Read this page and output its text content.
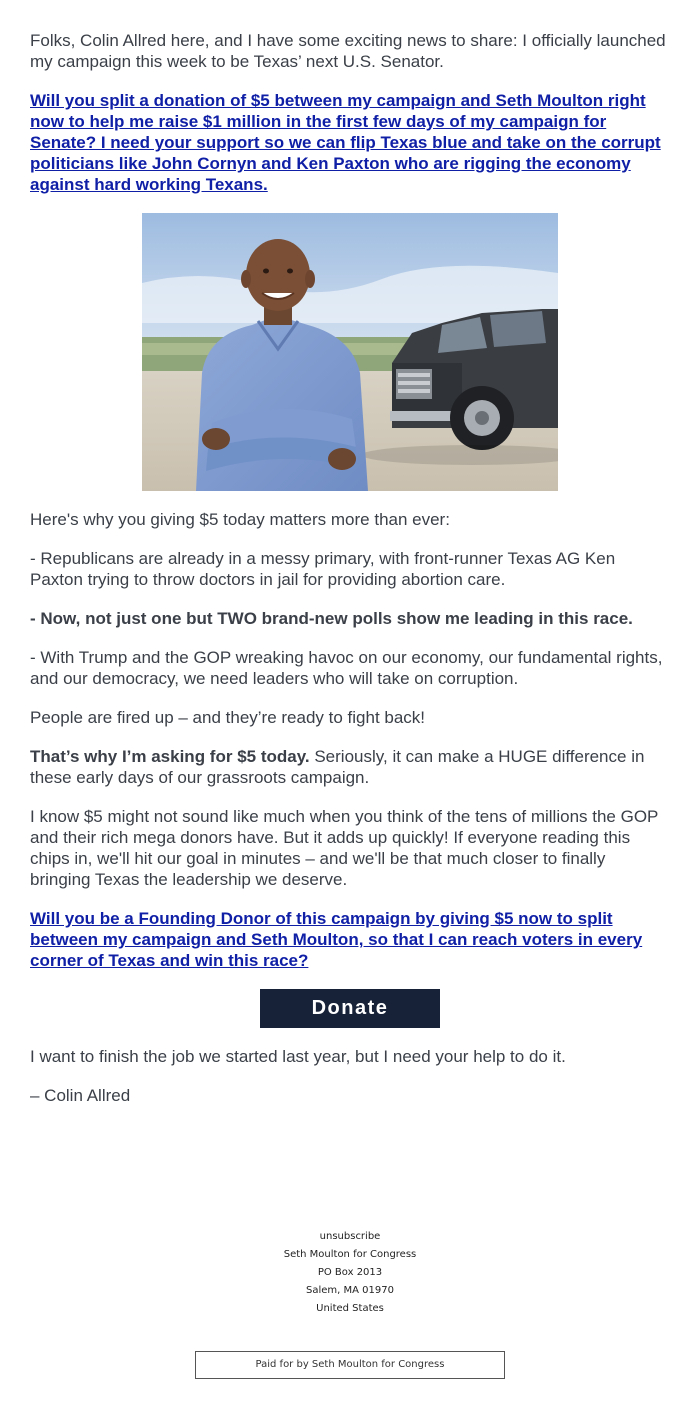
Folks, Colin Allred here, and I have some exciting news to share: I officially launched my campaign this week to be Texas’ next U.S. Senator.

Will you split a donation of $5 between my campaign and Seth Moulton right now to help me raise $1 million in the first few days of my campaign for Senate? I need your support so we can flip Texas blue and take on the corrupt politicians like John Cornyn and Ken Paxton who are rigging the economy against hard working Texans.

Here's why you giving $5 today matters more than ever:

- Republicans are already in a messy primary, with front-runner Texas AG Ken Paxton trying to throw doctors in jail for providing abortion care.

- Now, not just one but TWO brand-new polls show me leading in this race.

- With Trump and the GOP wreaking havoc on our economy, our fundamental rights, and our democracy, we need leaders who will take on corruption.

People are fired up – and they’re ready to fight back!

That’s why I’m asking for $5 today. Seriously, it can make a HUGE difference in these early days of our grassroots campaign.

I know $5 might not sound like much when you think of the tens of millions the GOP and their rich mega donors have. But it adds up quickly! If everyone reading this chips in, we'll hit our goal in minutes – and we'll be that much closer to finally bringing Texas the leadership we deserve.

Will you be a Founding Donor of this campaign by giving $5 now to split between my campaign and Seth Moulton, so that I can reach voters in every corner of Texas and win this race?
Donate

I want to finish the job we started last year, but I need your help to do it.

– Colin Allred

unsubscribe
Seth Moulton for Congress
PO Box 2013
Salem, MA 01970
United States
Paid for by Seth Moulton for Congress
